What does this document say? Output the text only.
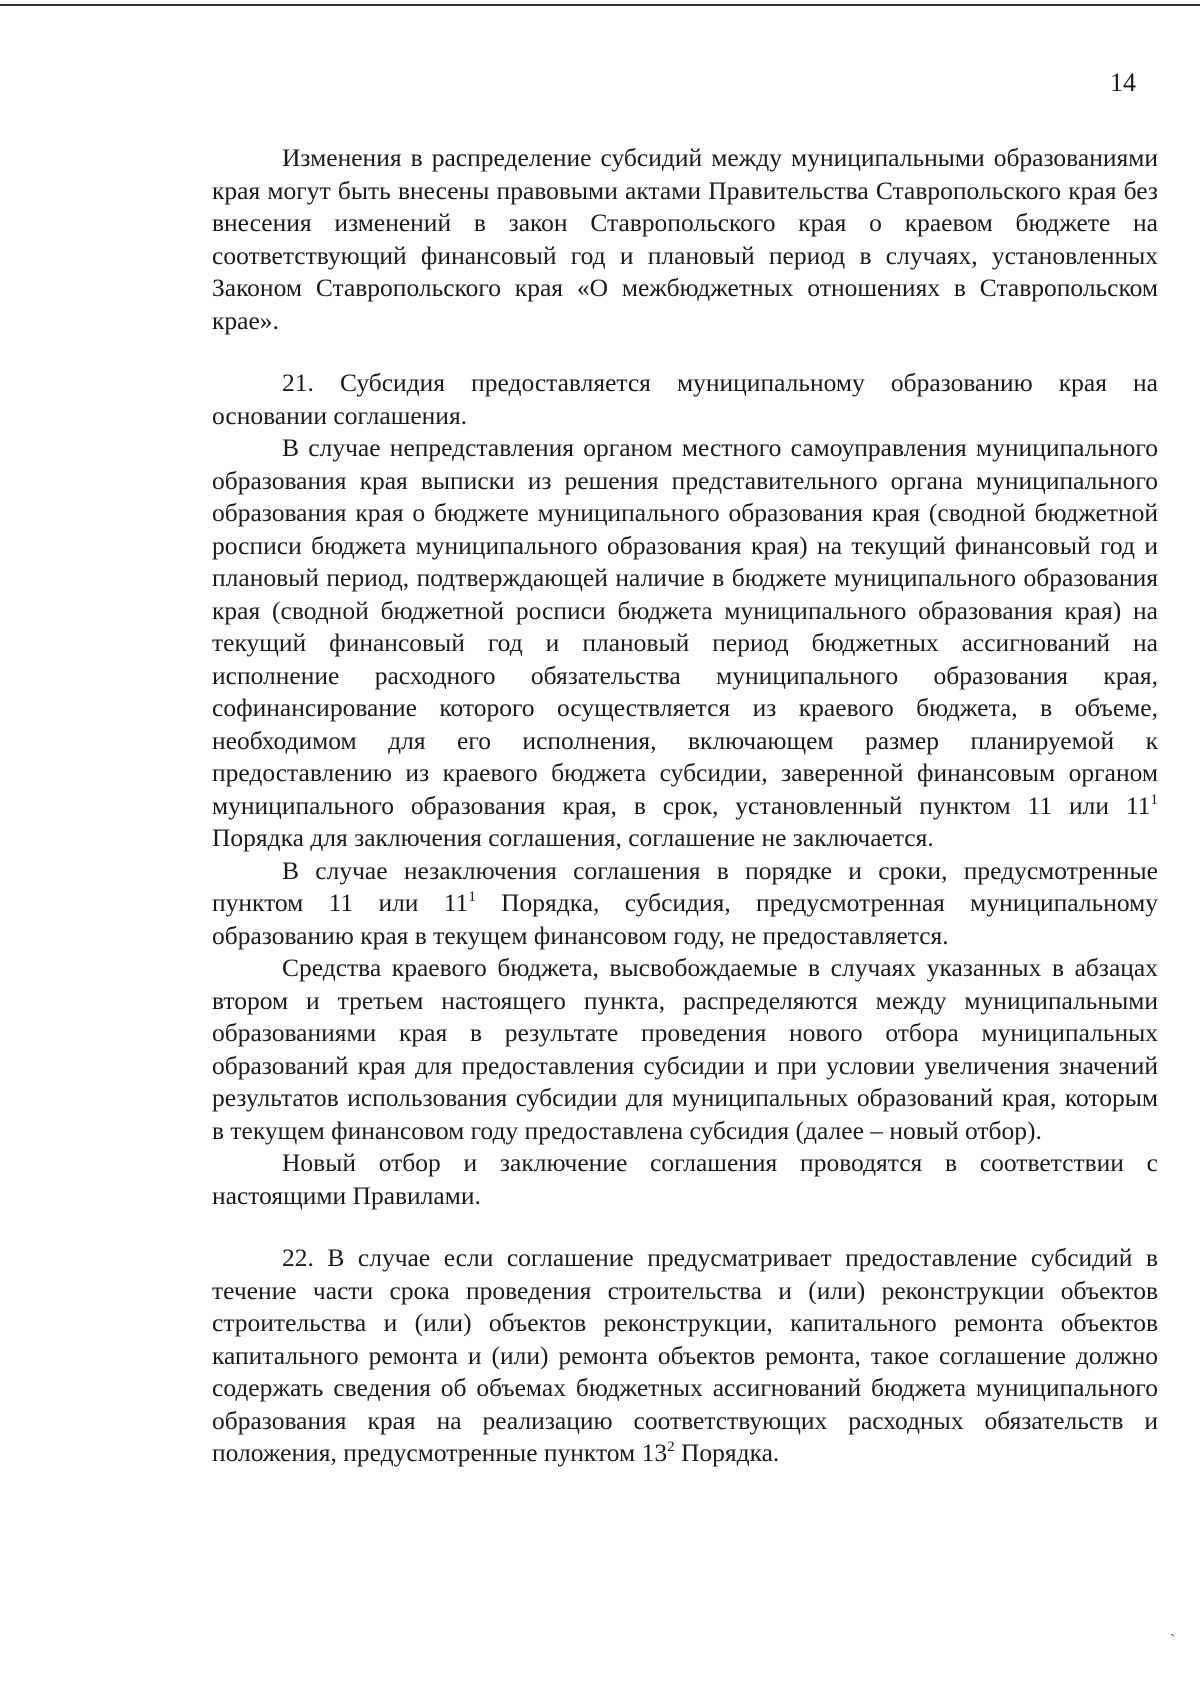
14

Изменения в распределение субсидий между муниципальными образованиями края могут быть внесены правовыми актами Правительства Ставропольского края без внесения изменений в закон Ставропольского края о краевом бюджете на соответствующий финансовый год и плановый период в случаях, установленных Законом Ставропольского края «О межбюджетных отношениях в Ставропольском крае».

21. Субсидия предоставляется муниципальному образованию края на основании соглашения.

В случае непредставления органом местного самоуправления муниципального образования края выписки из решения представительного органа муниципального образования края о бюджете муниципального образования края (сводной бюджетной росписи бюджета муниципального образования края) на текущий финансовый год и плановый период, подтверждающей наличие в бюджете муниципального образования края (сводной бюджетной росписи бюджета муниципального образования края) на текущий финансовый год и плановый период бюджетных ассигнований на исполнение расходного обязательства муниципального образования края, софинансирование которого осуществляется из краевого бюджета, в объеме, необходимом для его исполнения, включающем размер планируемой к предоставлению из краевого бюджета субсидии, заверенной финансовым органом муниципального образования края, в срок, установленный пунктом 11 или $11^1$ Порядка для заключения соглашения, соглашение не заключается.

В случае незаключения соглашения в порядке и сроки, предусмотренные пунктом 11 или $11^1$ Порядка, субсидия, предусмотренная муниципальному образованию края в текущем финансовом году, не предоставляется.

Средства краевого бюджета, высвобождаемые в случаях указанных в абзацах втором и третьем настоящего пункта, распределяются между муниципальными образованиями края в результате проведения нового отбора муниципальных образований края для предоставления субсидии и при условии увеличения значений результатов использования субсидии для муниципальных образований края, которым в текущем финансовом году предоставлена субсидия (далее – новый отбор).

Новый отбор и заключение соглашения проводятся в соответствии с настоящими Правилами.

22. В случае если соглашение предусматривает предоставление субсидий в течение части срока проведения строительства и (или) реконструкции объектов строительства и (или) объектов реконструкции, капитального ремонта объектов капитального ремонта и (или) ремонта объектов ремонта, такое соглашение должно содержать сведения об объемах бюджетных ассигнований бюджета муниципального образования края на реализацию соответствующих расходных обязательств и положения, предусмотренные пунктом $13^2$ Порядка.

ˎ
